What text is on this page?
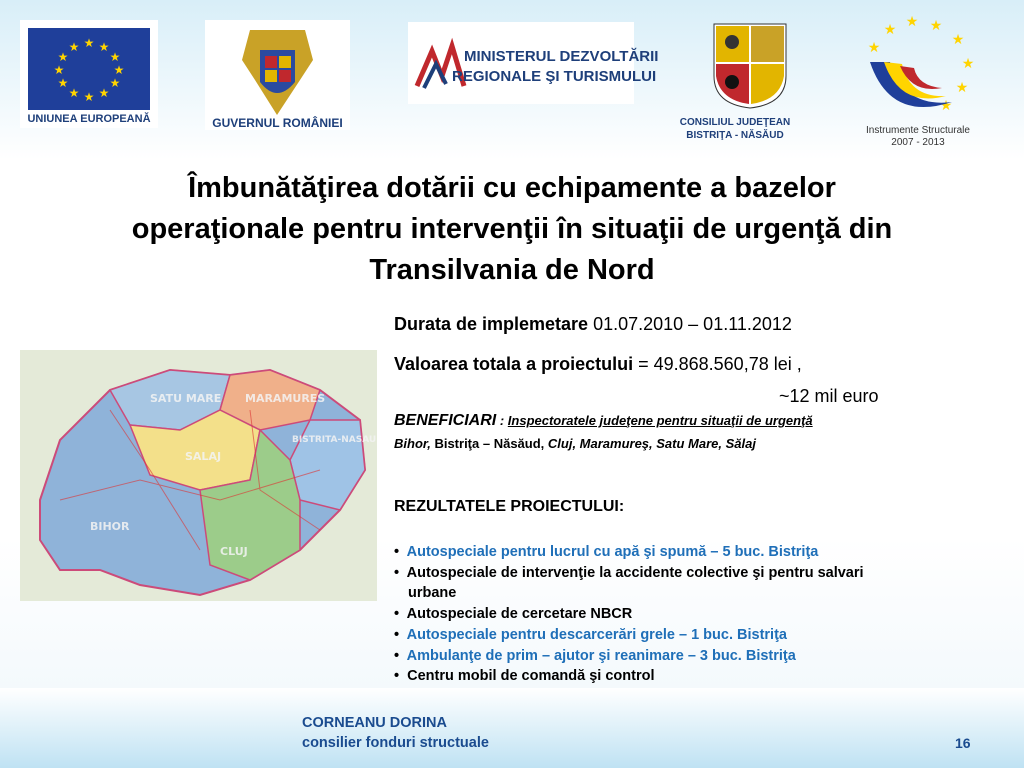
★ ★
★
★
★
★
★
★
★
★
★
★
UNIUNEA EUROPEANĂ	GUVERNUL ROMÂNIEI
MINISTERUL DEZVOLTĂRII
REGIONALE ŞI TURISMULUI
CONSILIUL JUDEŢEAN
BISTRIŢA - NĂSĂUD
★ ★ ★
★
★
★
★
★
Instrumente Structurale
2007 - 2013
Îmbunătăţirea dotării cu echipamente a bazelor
operaţionale pentru intervenţii în situaţii de urgenţă din
Transilvania de Nord
SATU MARE MARAMURES
SALAJ
BISTRITA-NASAUD
BIHOR
CLUJ
Durata de implemetare 01.07.2010 – 01.11.2012
Valoarea totala a proiectului = 49.868.560,78 lei ,
~12 mil euro
BENEFICIARI : Inspectoratele judeţene pentru situaţii de urgenţă
Bihor, Bistriţa – Năsăud, Cluj, Maramureş, Satu Mare, Sălaj
REZULTATELE PROIECTULUI:
• Autospeciale pentru lucrul cu apă şi spumă – 5 buc. Bistriţa
• Autospeciale de intervenţie la accidente colective şi pentru salvari
urbane
• Autospeciale de cercetare NBCR
• Autospeciale pentru descarcerări grele – 1 buc. Bistriţa
• Ambulanţe de prim – ajutor şi reanimare – 3 buc. Bistriţa
• Centru mobil de comandă şi control
CORNEANU DORINA
consilier fonduri structuale	16
